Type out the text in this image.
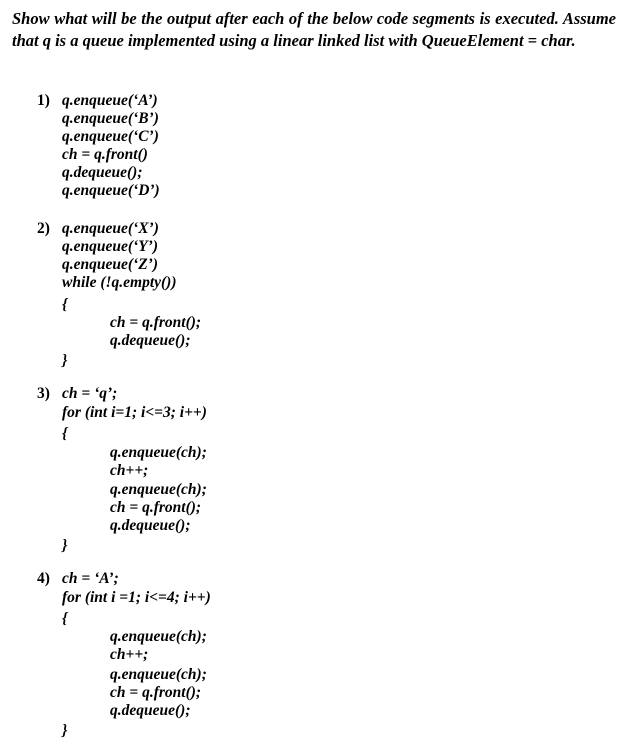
Show what will be the output after each of the below code segments is executed. Assume that q is a queue implemented using a linear linked list with QueueElement = char.
1) q.enqueue(‘A’)
q.enqueue(‘B’)
q.enqueue(‘C’)
ch = q.front()
q.dequeue();
q.enqueue(‘D’)
2) q.enqueue(‘X’)
q.enqueue(‘Y’)
q.enqueue(‘Z’)
while (!q.empty())
{
ch = q.front();
q.dequeue();
}
3) ch = ‘q’;
for (int i=1; i<=3; i++)
{
q.enqueue(ch);
ch++;
q.enqueue(ch);
ch = q.front();
q.dequeue();
}
4) ch = ‘A’;
for (int i =1; i<=4; i++)
{
q.enqueue(ch);
ch++;
q.enqueue(ch);
ch = q.front();
q.dequeue();
}
